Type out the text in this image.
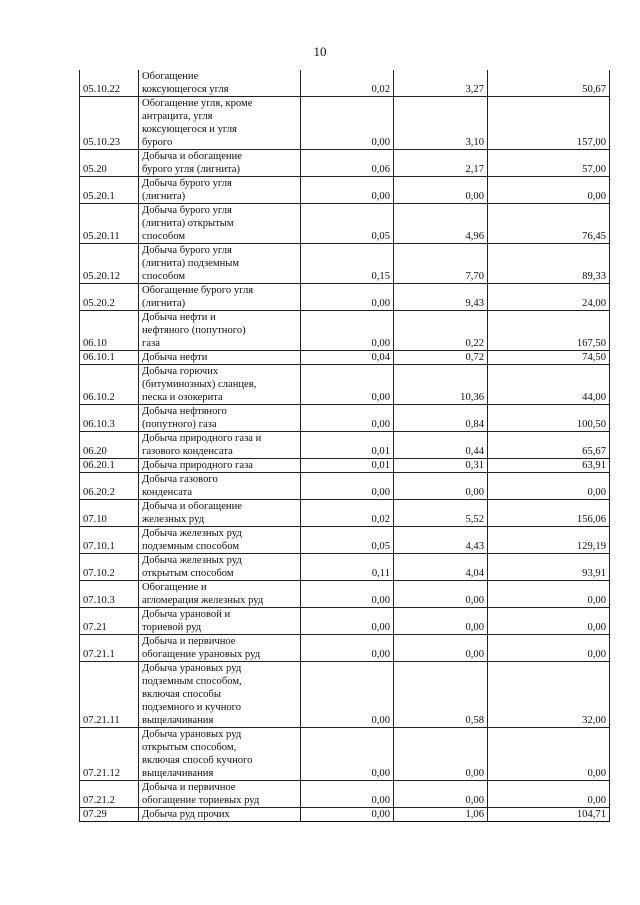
10
05.10.22	Обогащение
коксующегося угля	0,02	3,27	50,67
05.10.23	Обогащение угля, кроме
антрацита, угля
коксующегося и угля
бурого	0,00	3,10	157,00
05.20	Добыча и обогащение
бурого угля (лигнита)	0,06	2,17	57,00
05.20.1	Добыча бурого угля
(лигнита)	0,00	0,00	0,00
05.20.11	Добыча бурого угля
(лигнита) открытым
способом	0,05	4,96	76,45
05.20.12	Добыча бурого угля
(лигнита) подземным
способом	0,15	7,70	89,33
05.20.2	Обогащение бурого угля
(лигнита)	0,00	9,43	24,00
06.10	Добыча нефти и
нефтяного (попутного)
газа	0,00	0,22	167,50
06.10.1	Добыча нефти	0,04	0,72	74,50
06.10.2	Добыча горючих
(битуминозных) сланцев,
песка и озокерита	0,00	10,36	44,00
06.10.3	Добыча нефтяного
(попутного) газа	0,00	0,84	100,50
06.20	Добыча природного газа и
газового конденсата	0,01	0,44	65,67
06.20.1	Добыча природного газа	0,01	0,31	63,91
06.20.2	Добыча газового
конденсата	0,00	0,00	0,00
07.10	Добыча и обогащение
железных руд	0,02	5,52	156,06
07.10.1	Добыча железных руд
подземным способом	0,05	4,43	129,19
07.10.2	Добыча железных руд
открытым способом	0,11	4,04	93,91
07.10.3	Обогащение и
агломерация железных руд	0,00	0,00	0,00
07.21	Добыча урановой и
ториевой руд	0,00	0,00	0,00
07.21.1	Добыча и первичное
обогащение урановых руд	0,00	0,00	0,00
07.21.11	Добыча урановых руд
подземным способом,
включая способы
подземного и кучного
выщелачивания	0,00	0,58	32,00
07.21.12	Добыча урановых руд
открытым способом,
включая способ кучного
выщелачивания	0,00	0,00	0,00
07.21.2	Добыча и первичное
обогащение ториевых руд	0,00	0,00	0,00
07.29	Добыча руд прочих	0,00	1,06	104,71
